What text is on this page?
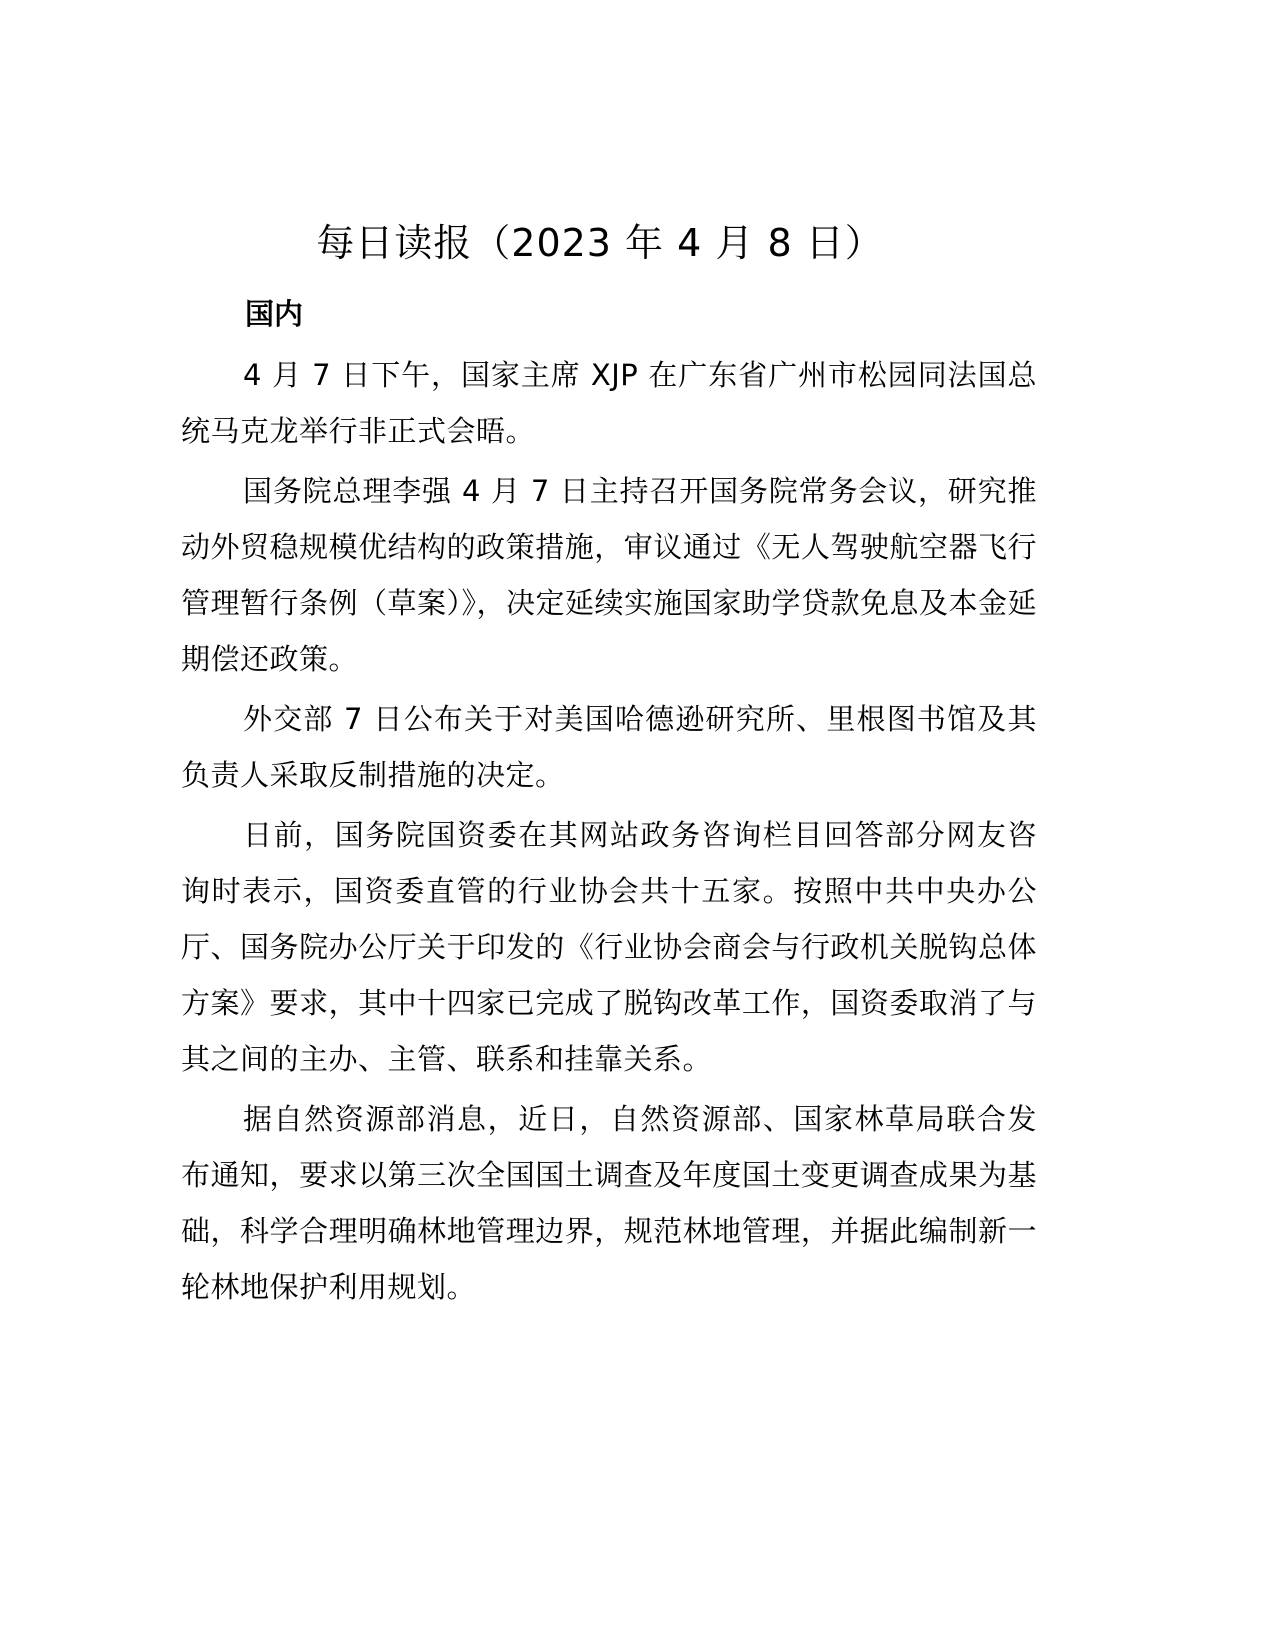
每日读报（2023 年 4 月 8 日）

国内

4 月 7 日下午，国家主席 XJP 在广东省广州市松园同法国总统马克龙举行非正式会晤。

国务院总理李强 4 月 7 日主持召开国务院常务会议，研究推动外贸稳规模优结构的政策措施，审议通过《无人驾驶航空器飞行管理暂行条例（草案）》，决定延续实施国家助学贷款免息及本金延期偿还政策。

外交部 7 日公布关于对美国哈德逊研究所、里根图书馆及其负责人采取反制措施的决定。

日前，国务院国资委在其网站政务咨询栏目回答部分网友咨询时表示，国资委直管的行业协会共十五家。按照中共中央办公厅、国务院办公厅关于印发的《行业协会商会与行政机关脱钩总体方案》要求，其中十四家已完成了脱钩改革工作，国资委取消了与其之间的主办、主管、联系和挂靠关系。

据自然资源部消息，近日，自然资源部、国家林草局联合发布通知，要求以第三次全国国土调查及年度国土变更调查成果为基础，科学合理明确林地管理边界，规范林地管理，并据此编制新一轮林地保护利用规划。
